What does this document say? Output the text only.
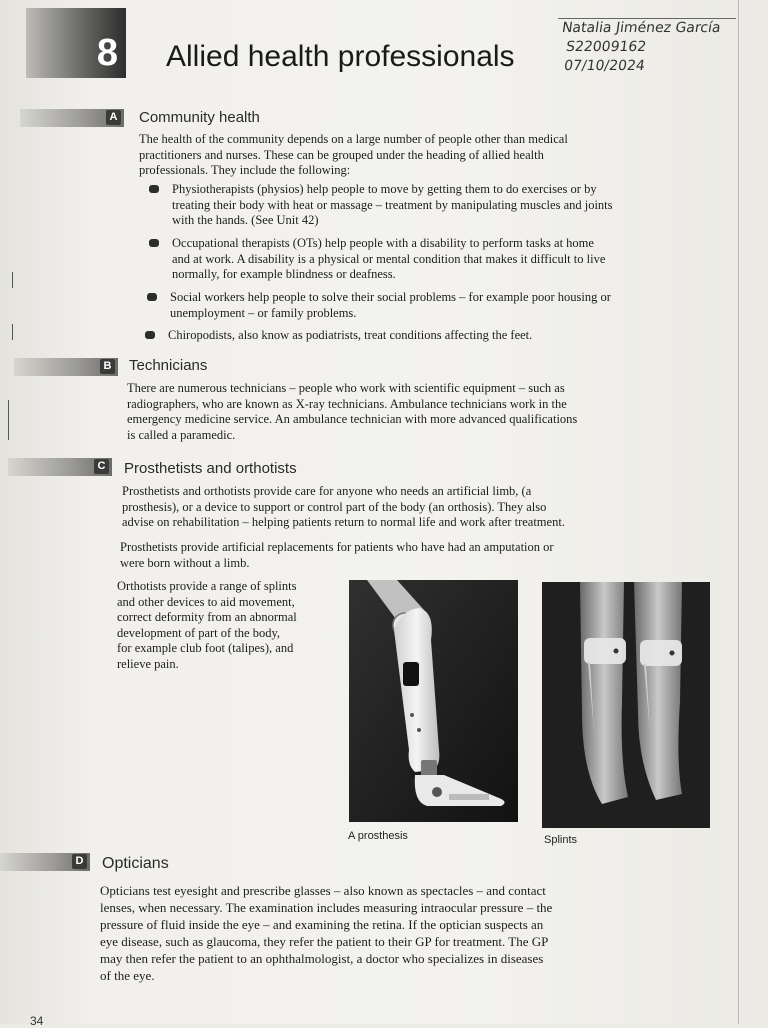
8 Allied health professionals
Natalia Jiménez García
S22009162
07/10/2024
A Community health

The health of the community depends on a large number of people other than medical

practitioners and nurses. These can be grouped under the heading of allied health

professionals. They include the following:

Physiotherapists (physios) help people to move by getting them to do exercises or by

treating their body with heat or massage – treatment by manipulating muscles and joints

with the hands. (See Unit 42)

Occupational therapists (OTs) help people with a disability to perform tasks at home

and at work. A disability is a physical or mental condition that makes it difficult to live

normally, for example blindness or deafness.

Social workers help people to solve their social problems – for example poor housing or

unemployment – or family problems.

Chiropodists, also know as podiatrists, treat conditions affecting the feet.

B Technicians

There are numerous technicians – people who work with scientific equipment – such as

radiographers, who are known as X-ray technicians. Ambulance technicians work in the

emergency medicine service. An ambulance technician with more advanced qualifications

is called a paramedic.

C Prosthetists and orthotists

Prosthetists and orthotists provide care for anyone who needs an artificial limb, (a

prosthesis), or a device to support or control part of the body (an orthosis). They also

advise on rehabilitation – helping patients return to normal life and work after treatment.

Prosthetists provide artificial replacements for patients who have had an amputation or

were born without a limb.

Orthotists provide a range of splints

and other devices to aid movement,

correct deformity from an abnormal

development of part of the body,

for example club foot (talipes), and

relieve pain.

A prosthesis	Splints
D Opticians

Opticians test eyesight and prescribe glasses – also known as spectacles – and contact

lenses, when necessary. The examination includes measuring intraocular pressure – the

pressure of fluid inside the eye – and examining the retina. If the optician suspects an

eye disease, such as glaucoma, they refer the patient to their GP for treatment. The GP

may then refer the patient to an ophthalmologist, a doctor who specializes in diseases

of the eye.

34
